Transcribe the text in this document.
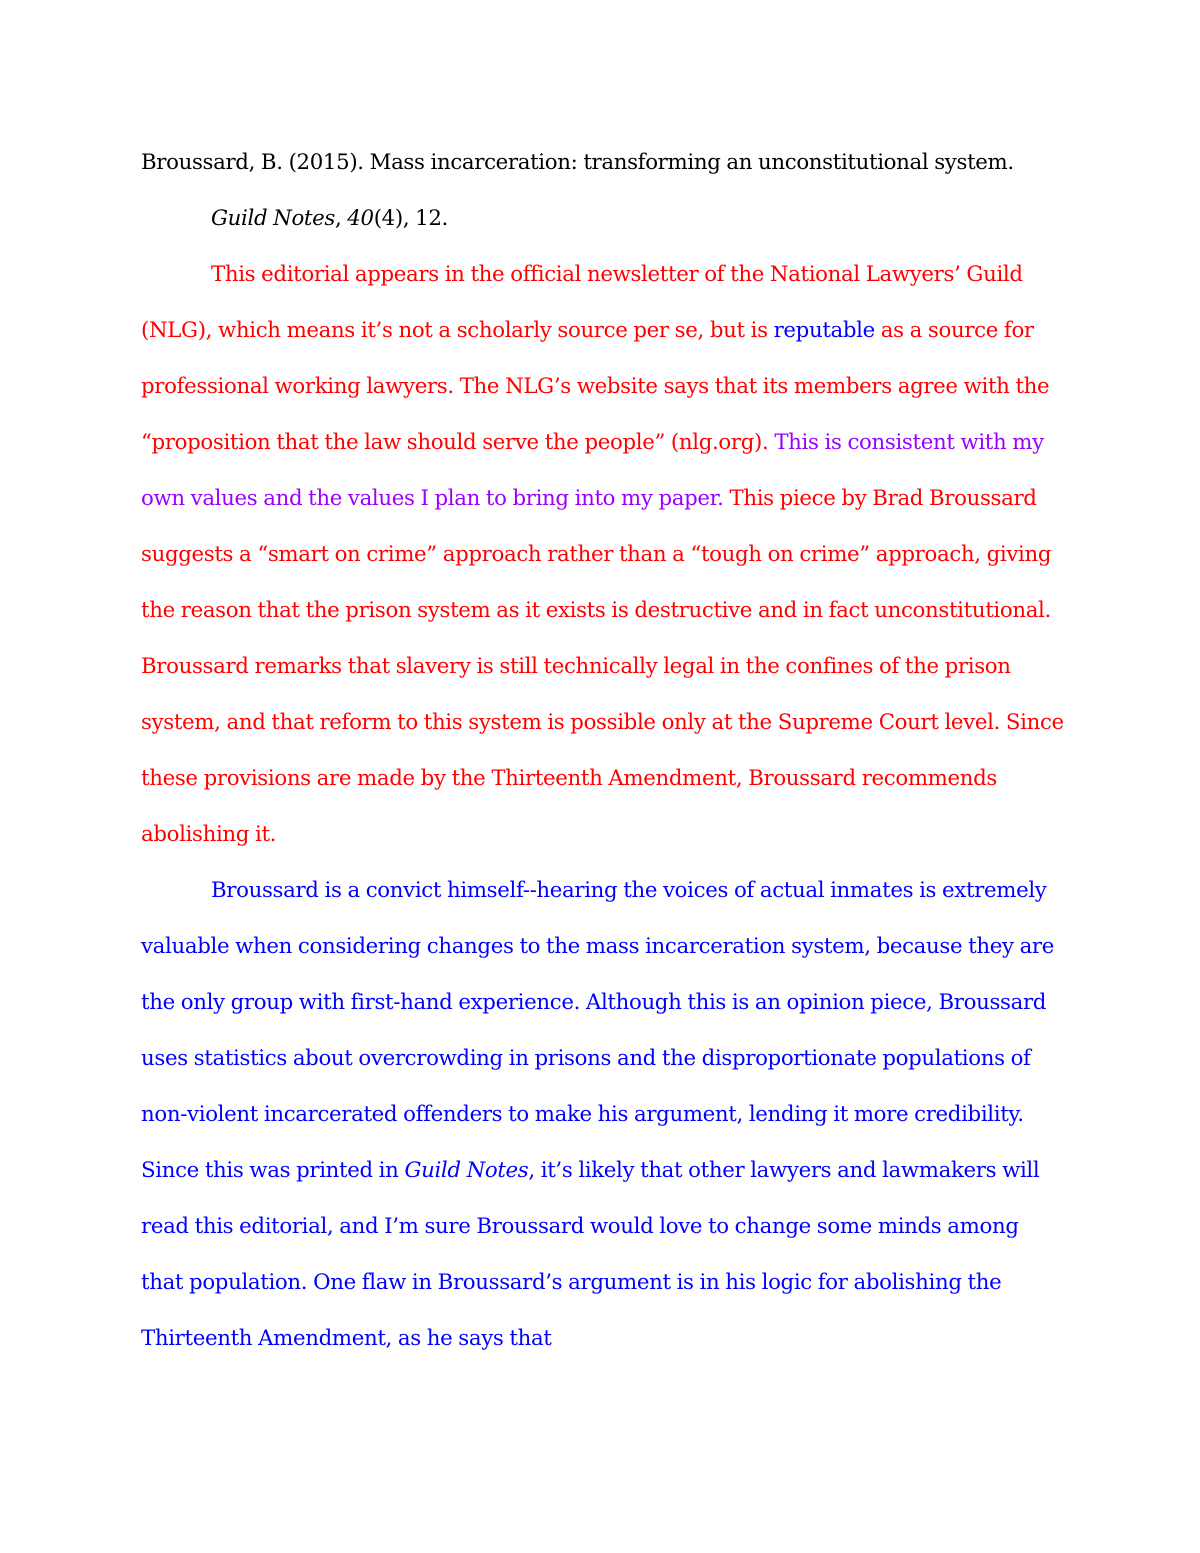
Broussard, B. (2015). Mass incarceration: transforming an unconstitutional system.
Guild Notes, 40(4), 12.
This editorial appears in the official newsletter of the National Lawyers’ Guild
(NLG), which means it’s not a scholarly source per se, but is reputable as a source for
professional working lawyers. The NLG’s website says that its members agree with the
“proposition that the law should serve the people” (nlg.org). This is consistent with my
own values and the values I plan to bring into my paper. This piece by Brad Broussard
suggests a “smart on crime” approach rather than a “tough on crime” approach, giving
the reason that the prison system as it exists is destructive and in fact unconstitutional.
Broussard remarks that slavery is still technically legal in the confines of the prison
system, and that reform to this system is possible only at the Supreme Court level. Since
these provisions are made by the Thirteenth Amendment, Broussard recommends
abolishing it.
Broussard is a convict himself--hearing the voices of actual inmates is extremely
valuable when considering changes to the mass incarceration system, because they are
the only group with first-hand experience. Although this is an opinion piece, Broussard
uses statistics about overcrowding in prisons and the disproportionate populations of
non-violent incarcerated offenders to make his argument, lending it more credibility.
Since this was printed in Guild Notes, it’s likely that other lawyers and lawmakers will
read this editorial, and I’m sure Broussard would love to change some minds among
that population. One flaw in Broussard’s argument is in his logic for abolishing the
Thirteenth Amendment, as he says that
